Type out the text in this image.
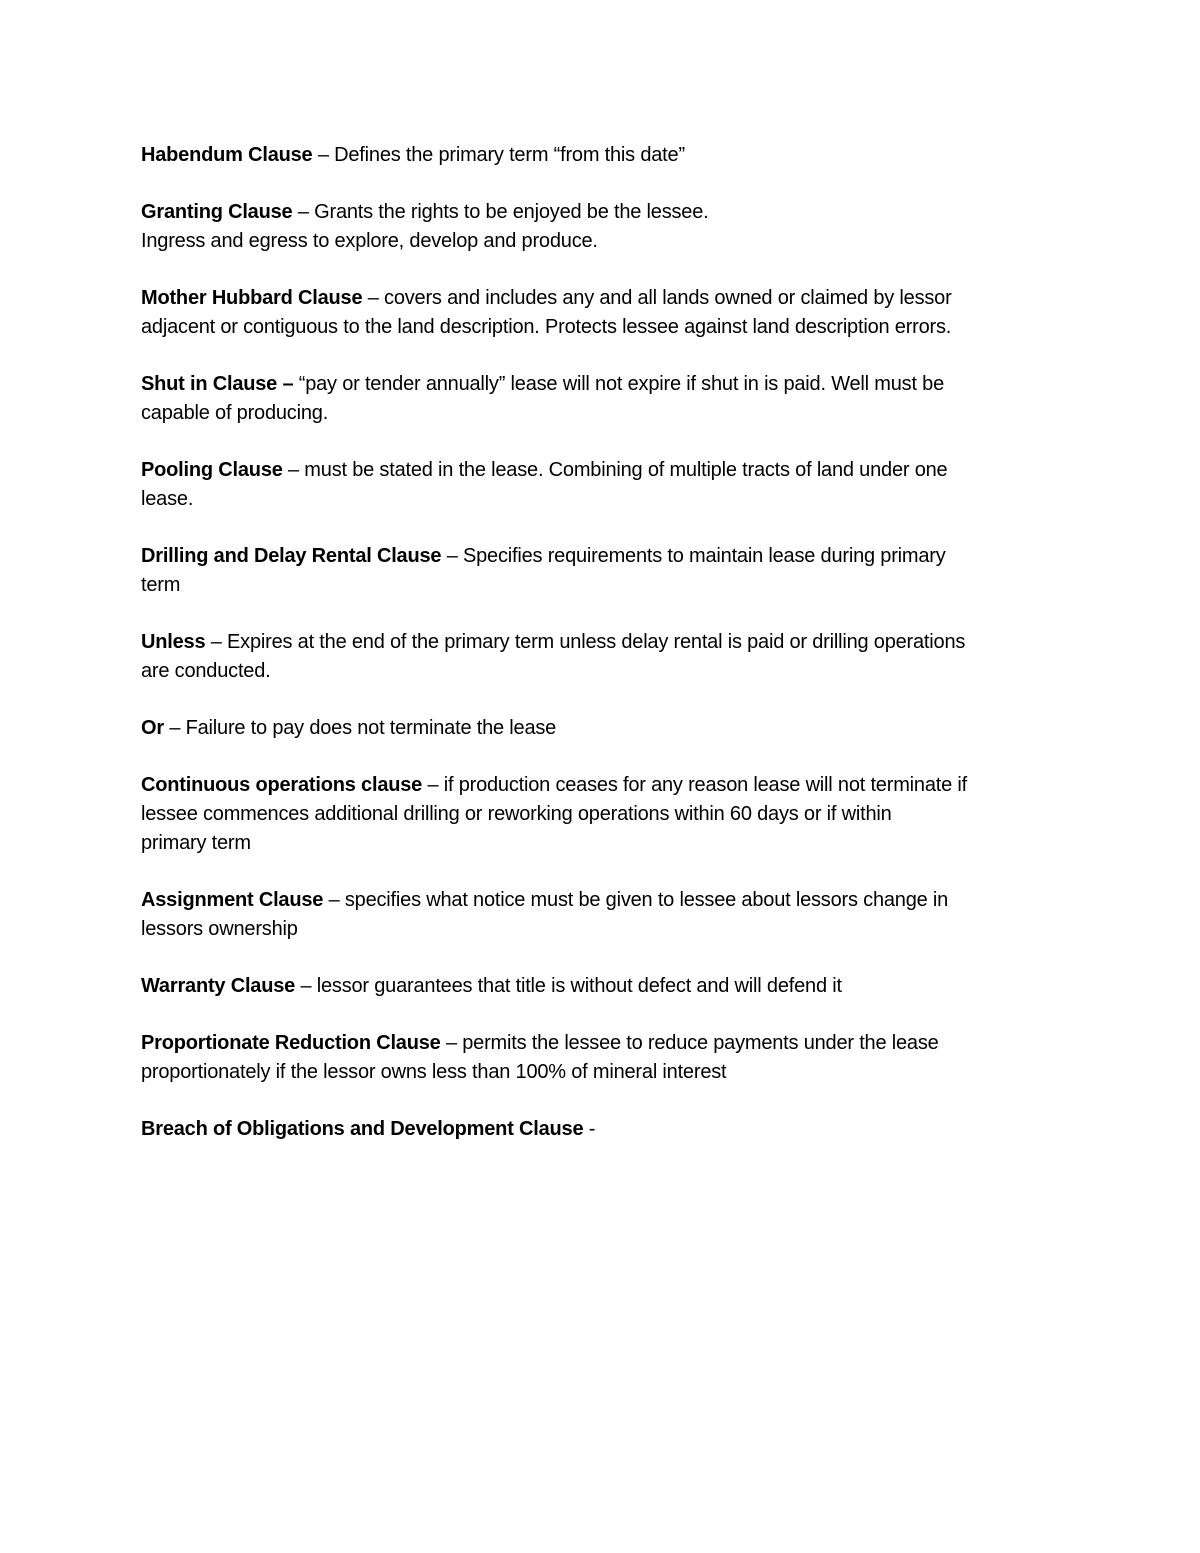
Habendum Clause – Defines the primary term “from this date”
Granting Clause – Grants the rights to be enjoyed be the lessee.
Ingress and egress to explore, develop and produce.
Mother Hubbard Clause – covers and includes any and all lands owned or claimed by lessor
adjacent or contiguous to the land description. Protects lessee against land description errors.
Shut in Clause – “pay or tender annually” lease will not expire if shut in is paid. Well must be
capable of producing.
Pooling Clause – must be stated in the lease. Combining of multiple tracts of land under one
lease.
Drilling and Delay Rental Clause – Specifies requirements to maintain lease during primary
term
Unless – Expires at the end of the primary term unless delay rental is paid or drilling operations
are conducted.
Or – Failure to pay does not terminate the lease
Continuous operations clause – if production ceases for any reason lease will not terminate if
lessee commences additional drilling or reworking operations within 60 days or if within
primary term
Assignment Clause – specifies what notice must be given to lessee about lessors change in
lessors ownership
Warranty Clause – lessor guarantees that title is without defect and will defend it
Proportionate Reduction Clause – permits the lessee to reduce payments under the lease
proportionately if the lessor owns less than 100% of mineral interest
Breach of Obligations and Development Clause -
